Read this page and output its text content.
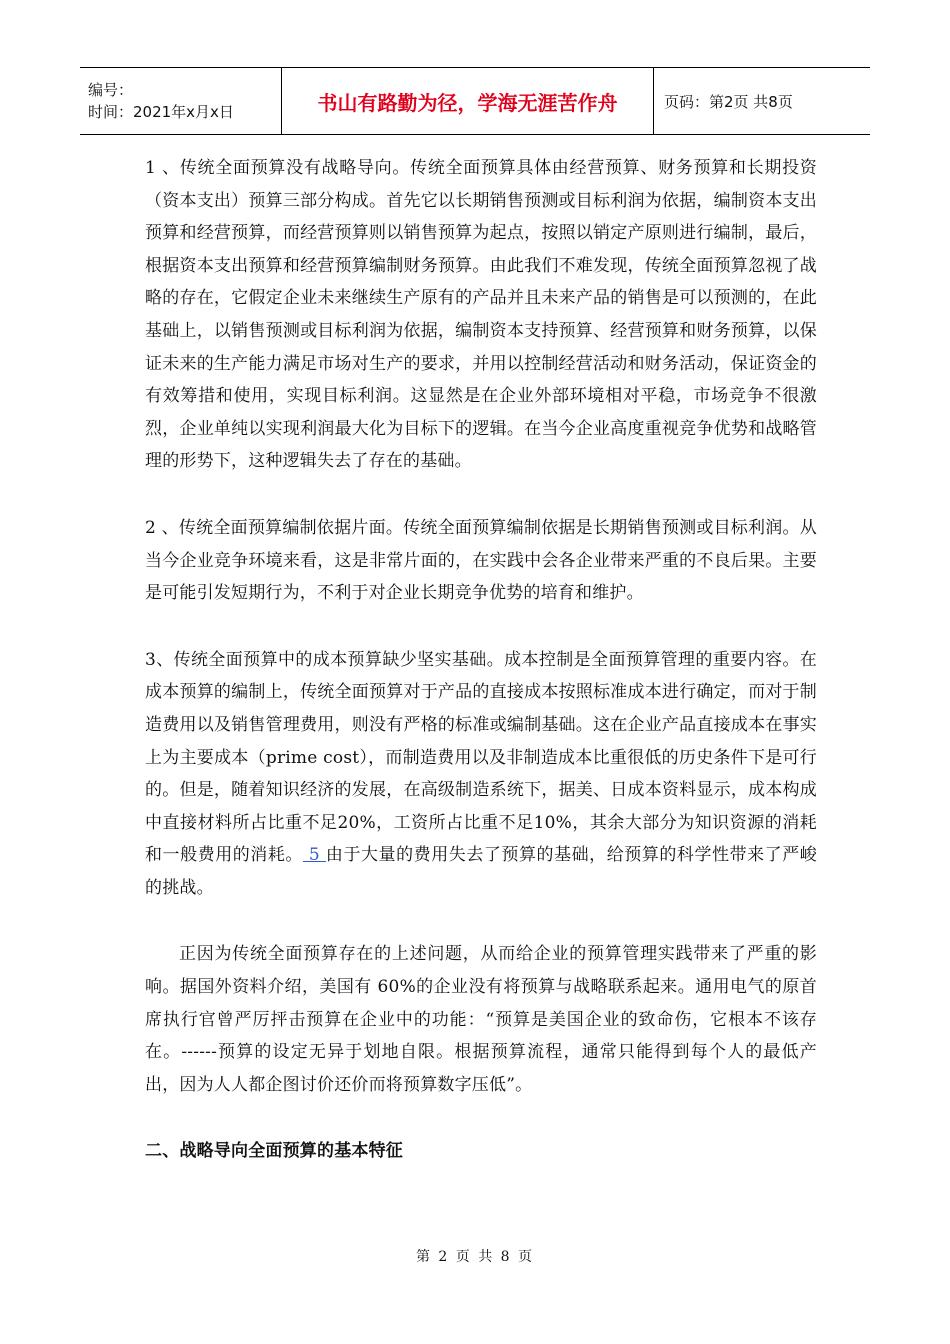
编号：
时间：2021年x月x日	书山有路勤为径，学海无涯苦作舟	页码：第2页 共8页

1 、传统全面预算没有战略导向。传统全面预算具体由经营预算、财务预算和长期投资（资本支出）预算三部分构成。首先它以长期销售预测或目标利润为依据，编制资本支出预算和经营预算，而经营预算则以销售预算为起点，按照以销定产原则进行编制，最后，根据资本支出预算和经营预算编制财务预算。由此我们不难发现，传统全面预算忽视了战略的存在，它假定企业未来继续生产原有的产品并且未来产品的销售是可以预测的，在此基础上，以销售预测或目标利润为依据，编制资本支持预算、经营预算和财务预算，以保证未来的生产能力满足市场对生产的要求，并用以控制经营活动和财务活动，保证资金的有效筹措和使用，实现目标利润。这显然是在企业外部环境相对平稳，市场竞争不很激烈，企业单纯以实现利润最大化为目标下的逻辑。在当今企业高度重视竞争优势和战略管理的形势下，这种逻辑失去了存在的基础。

2 、传统全面预算编制依据片面。传统全面预算编制依据是长期销售预测或目标利润。从当今企业竞争环境来看，这是非常片面的，在实践中会各企业带来严重的不良后果。主要是可能引发短期行为，不利于对企业长期竞争优势的培育和维护。

3、传统全面预算中的成本预算缺少坚实基础。成本控制是全面预算管理的重要内容。在成本预算的编制上，传统全面预算对于产品的直接成本按照标准成本进行确定，而对于制造费用以及销售管理费用，则没有严格的标准或编制基础。这在企业产品直接成本在事实上为主要成本（prime cost），而制造费用以及非制造成本比重很低的历史条件下是可行的。但是，随着知识经济的发展，在高级制造系统下，据美、日成本资料显示，成本构成中直接材料所占比重不足20%，工资所占比重不足10%，其余大部分为知识资源的消耗和一般费用的消耗。 5 由于大量的费用失去了预算的基础，给预算的科学性带来了严峻的挑战。

正因为传统全面预算存在的上述问题，从而给企业的预算管理实践带来了严重的影响。据国外资料介绍，美国有 60%的企业没有将预算与战略联系起来。通用电气的原首席执行官曾严厉抨击预算在企业中的功能：“预算是美国企业的致命伤，它根本不该存在。------预算的设定无异于划地自限。根据预算流程，通常只能得到每个人的最低产出，因为人人都企图讨价还价而将预算数字压低”。

二、战略导向全面预算的基本特征

第 2 页 共 8 页
